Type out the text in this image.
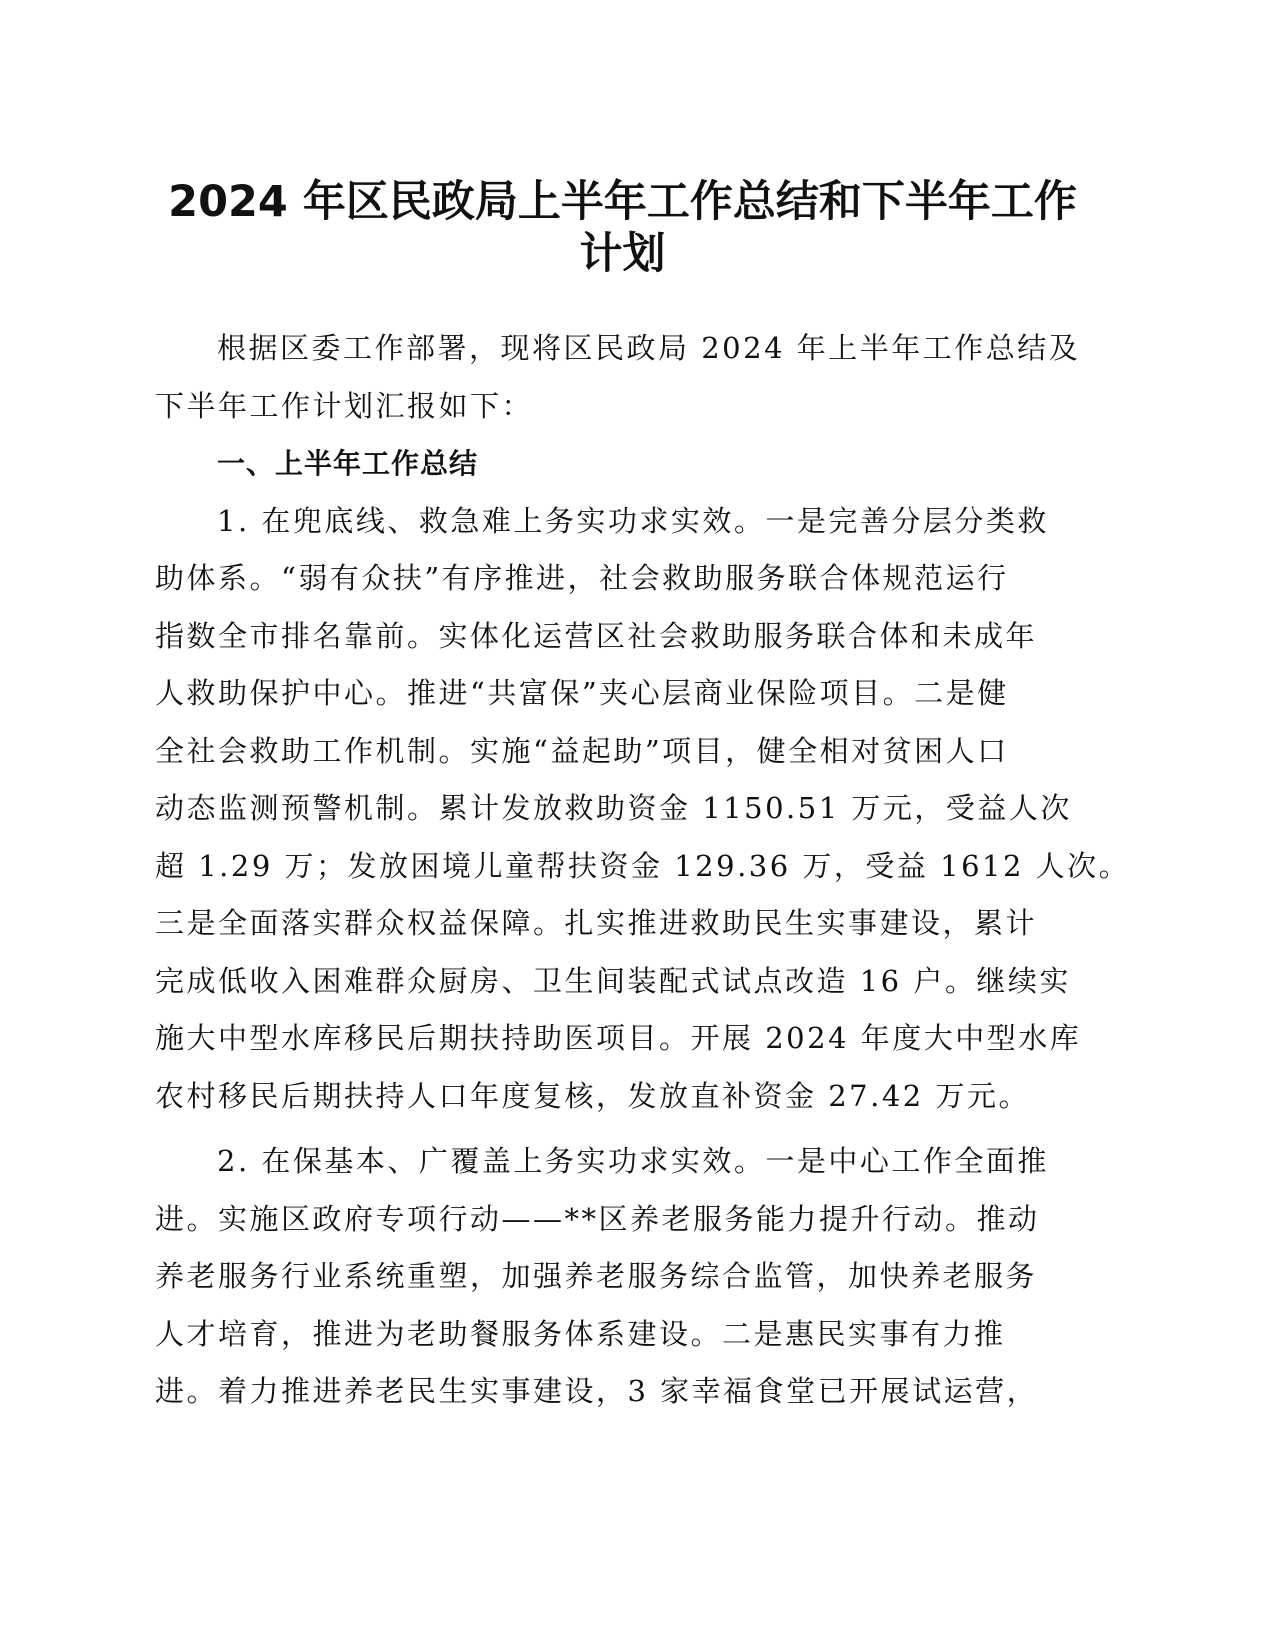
2024 年区民政局上半年工作总结和下半年工作
计划
根据区委工作部署，现将区民政局 2024 年上半年工作总结及
下半年工作计划汇报如下：
一、上半年工作总结
1. 在兜底线、救急难上务实功求实效。一是完善分层分类救
助体系。“弱有众扶”有序推进，社会救助服务联合体规范运行
指数全市排名靠前。实体化运营区社会救助服务联合体和未成年
人救助保护中心。推进“共富保”夹心层商业保险项目。二是健
全社会救助工作机制。实施“益起助”项目，健全相对贫困人口
动态监测预警机制。累计发放救助资金 1150.51 万元，受益人次
超 1.29 万；发放困境儿童帮扶资金 129.36 万，受益 1612 人次。
三是全面落实群众权益保障。扎实推进救助民生实事建设，累计
完成低收入困难群众厨房、卫生间装配式试点改造 16 户。继续实
施大中型水库移民后期扶持助医项目。开展 2024 年度大中型水库
农村移民后期扶持人口年度复核，发放直补资金 27.42 万元。
2. 在保基本、广覆盖上务实功求实效。一是中心工作全面推
进。实施区政府专项行动——**区养老服务能力提升行动。推动
养老服务行业系统重塑，加强养老服务综合监管，加快养老服务
人才培育，推进为老助餐服务体系建设。二是惠民实事有力推
进。着力推进养老民生实事建设，3 家幸福食堂已开展试运营，
